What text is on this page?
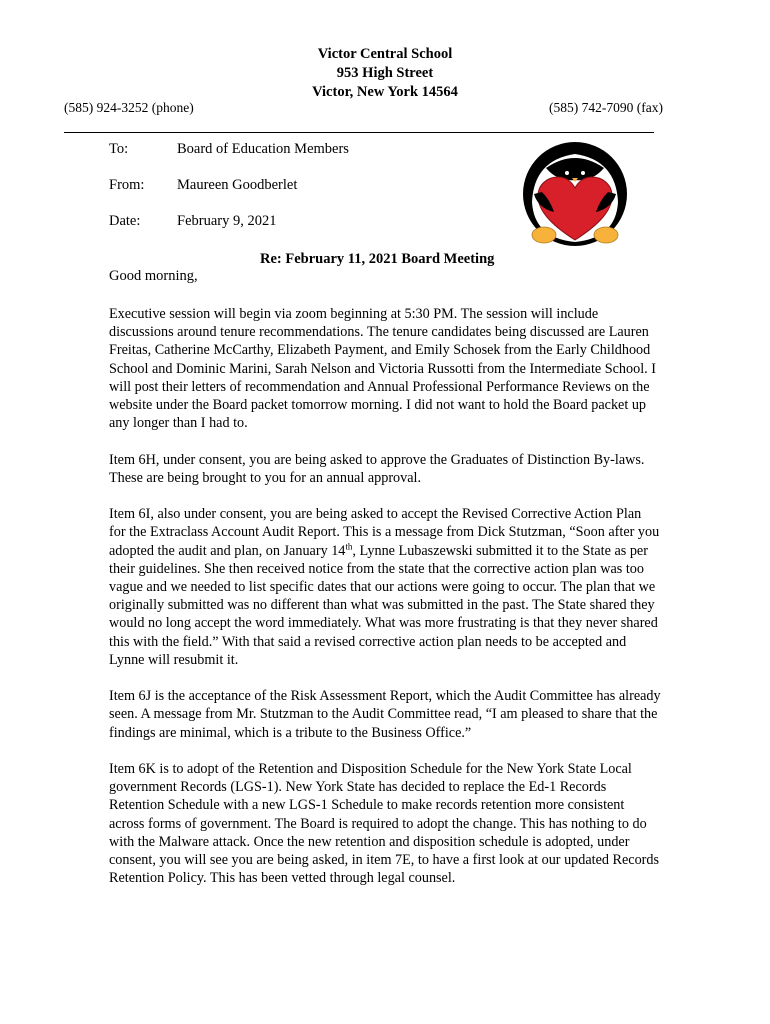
Victor Central School
953 High Street
Victor, New York 14564
(585) 924-3252 (phone)	(585) 742-7090 (fax)
To:	Board of Education Members
From: Maureen Goodberlet
Date:	February 9, 2021
Re: February 11, 2021 Board Meeting
Good morning,

Executive session will begin via zoom beginning at 5:30 PM. The session will include discussions around tenure recommendations. The tenure candidates being discussed are Lauren Freitas, Catherine McCarthy, Elizabeth Payment, and Emily Schosek from the Early Childhood School and Dominic Marini, Sarah Nelson and Victoria Russotti from the Intermediate School. I will post their letters of recommendation and Annual Professional Performance Reviews on the website under the Board packet tomorrow morning. I did not want to hold the Board packet up any longer than I had to.

Item 6H, under consent, you are being asked to approve the Graduates of Distinction By-laws. These are being brought to you for an annual approval.

Item 6I, also under consent, you are being asked to accept the Revised Corrective Action Plan for the Extraclass Account Audit Report. This is a message from Dick Stutzman, “Soon after you adopted the audit and plan, on January 14th, Lynne Lubaszewski submitted it to the State as per their guidelines. She then received notice from the state that the corrective action plan was too vague and we needed to list specific dates that our actions were going to occur. The plan that we originally submitted was no different than what was submitted in the past. The State shared they would no long accept the word immediately. What was more frustrating is that they never shared this with the field.” With that said a revised corrective action plan needs to be accepted and Lynne will resubmit it.

Item 6J is the acceptance of the Risk Assessment Report, which the Audit Committee has already seen. A message from Mr. Stutzman to the Audit Committee read, “I am pleased to share that the findings are minimal, which is a tribute to the Business Office.”

Item 6K is to adopt of the Retention and Disposition Schedule for the New York State Local government Records (LGS-1). New York State has decided to replace the Ed-1 Records Retention Schedule with a new LGS-1 Schedule to make records retention more consistent across forms of government. The Board is required to adopt the change. This has nothing to do with the Malware attack. Once the new retention and disposition schedule is adopted, under consent, you will see you are being asked, in item 7E, to have a first look at our updated Records Retention Policy. This has been vetted through legal counsel.
